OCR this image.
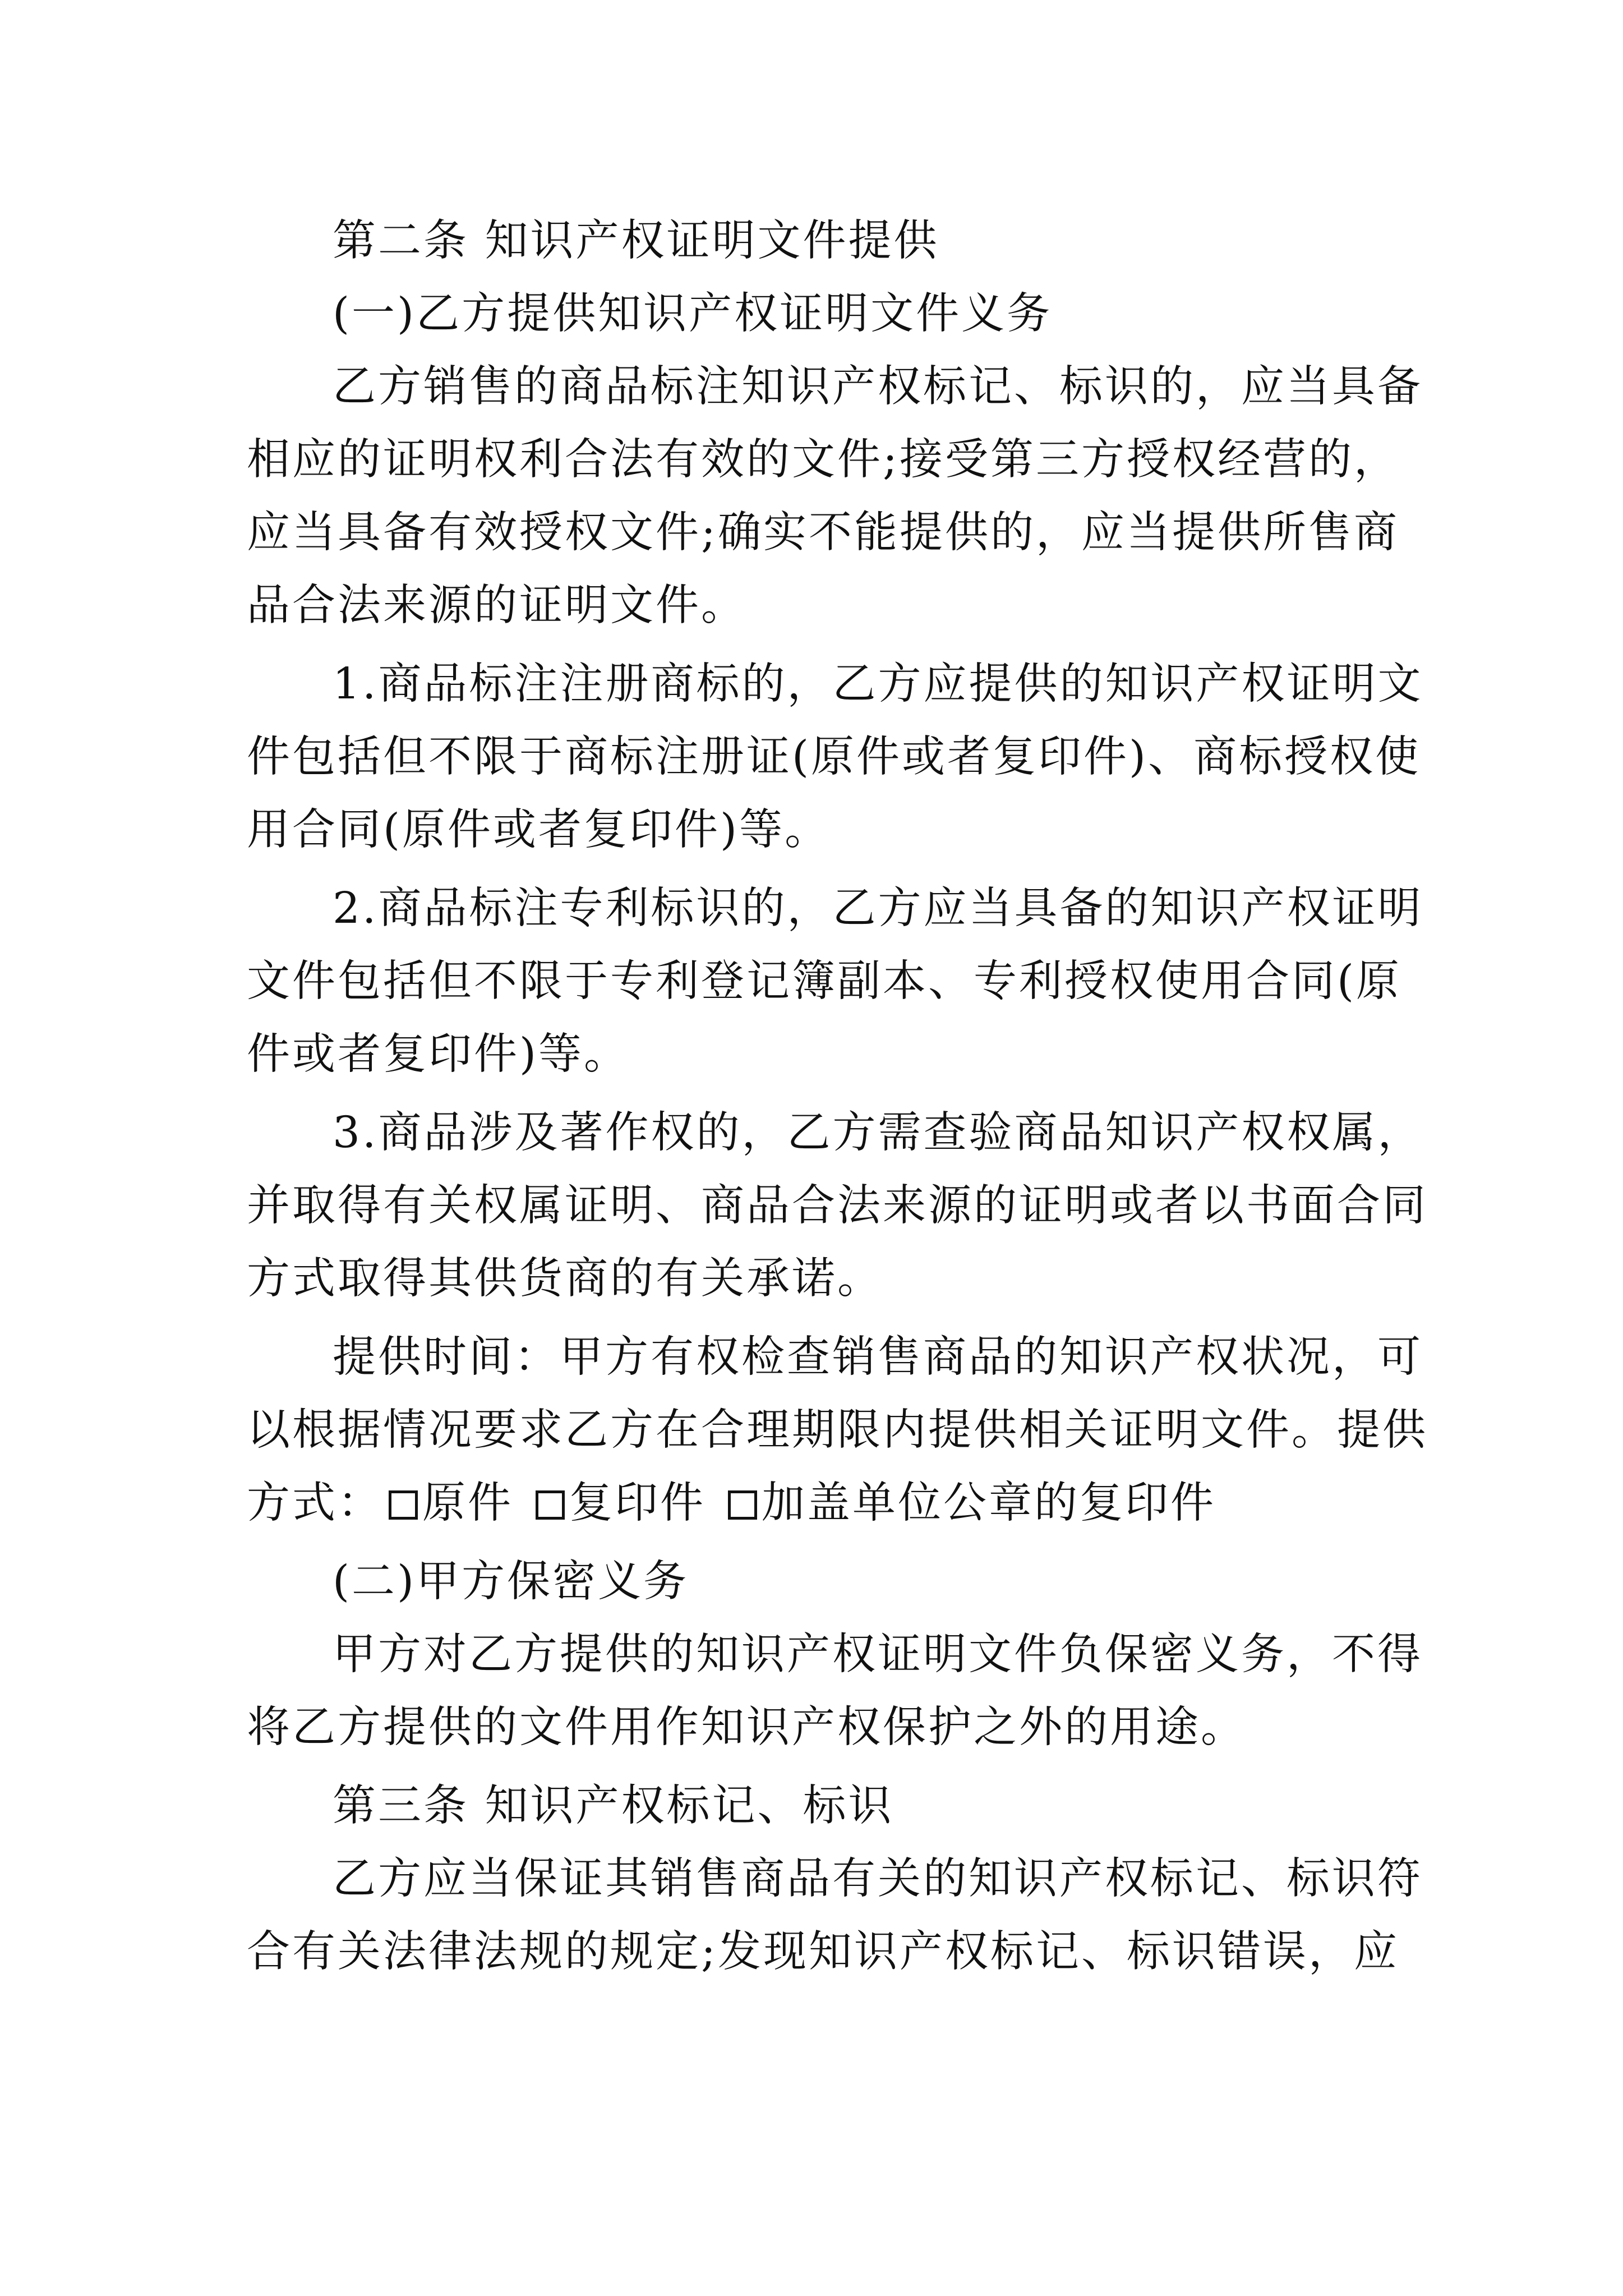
第二条 知识产权证明文件提供
(一)乙方提供知识产权证明文件义务
乙方销售的商品标注知识产权标记、标识的，应当具备
相应的证明权利合法有效的文件;接受第三方授权经营的，
应当具备有效授权文件;确实不能提供的，应当提供所售商
品合法来源的证明文件。
1.商品标注注册商标的，乙方应提供的知识产权证明文
件包括但不限于商标注册证(原件或者复印件)、商标授权使
用合同(原件或者复印件)等。
2.商品标注专利标识的，乙方应当具备的知识产权证明
文件包括但不限于专利登记簿副本、专利授权使用合同(原
件或者复印件)等。
3.商品涉及著作权的，乙方需查验商品知识产权权属，
并取得有关权属证明、商品合法来源的证明或者以书面合同
方式取得其供货商的有关承诺。
提供时间：甲方有权检查销售商品的知识产权状况，可
以根据情况要求乙方在合理期限内提供相关证明文件。提供
方式： 原件 复印件 加盖单位公章的复印件
(二)甲方保密义务
甲方对乙方提供的知识产权证明文件负保密义务，不得
将乙方提供的文件用作知识产权保护之外的用途。
第三条 知识产权标记、标识
乙方应当保证其销售商品有关的知识产权标记、标识符
合有关法律法规的规定;发现知识产权标记、标识错误，应
